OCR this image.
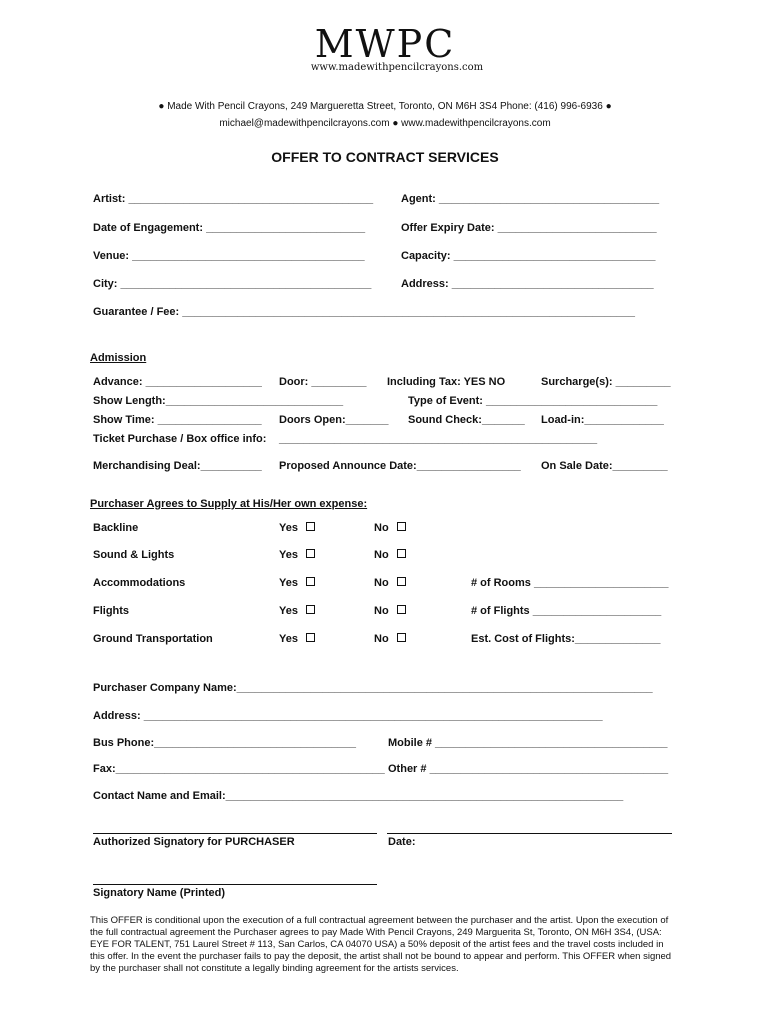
MWPC
www.madewithpencilcrayons.com
● Made With Pencil Crayons, 249 Margueretta Street, Toronto, ON M6H 3S4 Phone: (416) 996-6936 ●
michael@madewithpencilcrayons.com ● www.madewithpencilcrayons.com
OFFER TO CONTRACT SERVICES
Artist: ________________________________________	Agent: ____________________________________
Date of Engagement: __________________________	Offer Expiry Date: __________________________
Venue: ______________________________________	Capacity: _________________________________
City: _________________________________________	Address: _________________________________
Guarantee / Fee: __________________________________________________________________________
Admission
Advance: ___________________ Door: _________ Including Tax: YES NO	Surcharge(s): _________
Show Length:_____________________________	Type of Event: ____________________________
Show Time: _________________ Doors Open:_______ Sound Check:_______ Load-in:_____________
Ticket Purchase / Box office info: ____________________________________________________
Merchandising Deal:__________ Proposed Announce Date:_________________ On Sale Date:_________
Purchaser Agrees to Supply at His/Her own expense:
Backline	Yes	No
Sound & Lights	Yes	No
Accommodations	Yes	No	# of Rooms ______________________
Flights	Yes	No	# of Flights _____________________
Ground Transportation	Yes	No	Est. Cost of Flights:______________
Purchaser Company Name:____________________________________________________________________
Address: ___________________________________________________________________________
Bus Phone:_________________________________	Mobile # ______________________________________
Fax:____________________________________________ Other # _______________________________________
Contact Name and Email:_________________________________________________________________
Authorized Signatory for PURCHASER	Date:
Signatory Name (Printed)
This OFFER is conditional upon the execution of a full contractual agreement between the purchaser and the artist. Upon the execution of the full contractual agreement the Purchaser agrees to pay Made With Pencil Crayons, 249 Marguerita St, Toronto, ON M6H 3S4, (USA: EYE FOR TALENT, 751 Laurel Street # 113, San Carlos, CA 04070 USA) a 50% deposit of the artist fees and the travel costs included in this offer. In the event the purchaser fails to pay the deposit, the artist shall not be bound to appear and perform. This OFFER when signed by the purchaser shall not constitute a legally binding agreement for the artists services.
